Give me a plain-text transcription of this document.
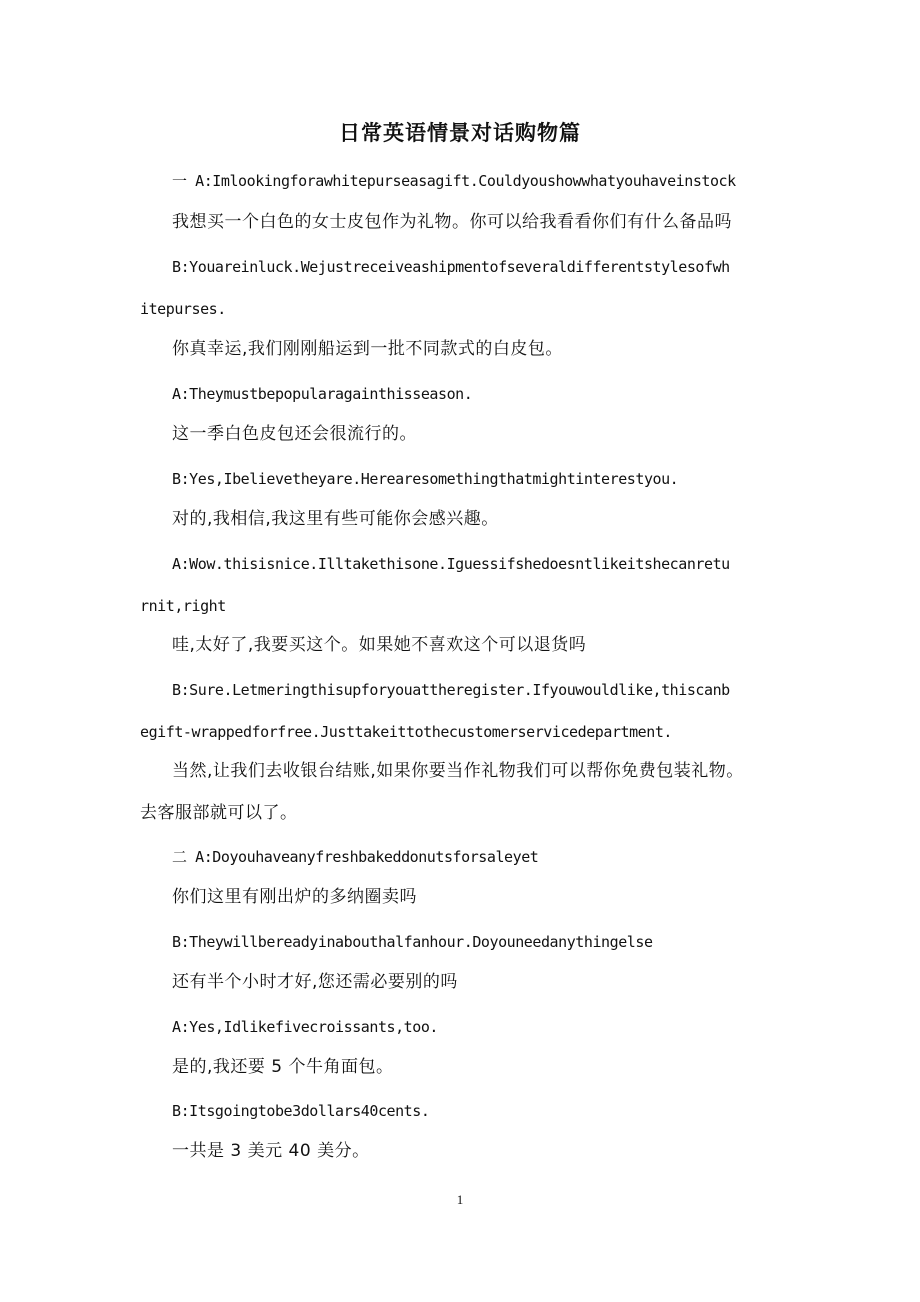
日常英语情景对话购物篇

一 A:Imlookingforawhitepurseasagift.Couldyoushowwhatyouhaveinstock

我想买一个白色的女士皮包作为礼物。你可以给我看看你们有什么备品吗

B:Youareinluck.Wejustreceiveashipmentofseveraldifferentstylesofwh

itepurses.

你真幸运,我们刚刚船运到一批不同款式的白皮包。

A:Theymustbepopularagainthisseason.

这一季白色皮包还会很流行的。

B:Yes,Ibelievetheyare.Herearesomethingthatmightinterestyou.

对的,我相信,我这里有些可能你会感兴趣。

A:Wow.thisisnice.Illtakethisone.Iguessifshedoesntlikeitshecanretu

rnit,right

哇,太好了,我要买这个。如果她不喜欢这个可以退货吗

B:Sure.Letmeringthisupforyouattheregister.Ifyouwouldlike,thiscanb

egift-wrappedforfree.Justtakeittothecustomerservicedepartment.

当然,让我们去收银台结账,如果你要当作礼物我们可以帮你免费包装礼物。

去客服部就可以了。

二 A:Doyouhaveanyfreshbakeddonutsforsaleyet

你们这里有刚出炉的多纳圈卖吗

B:Theywillbereadyinabouthalfanhour.Doyouneedanythingelse

还有半个小时才好,您还需必要别的吗

A:Yes,Idlikefivecroissants,too.

是的,我还要 5 个牛角面包。

B:Itsgoingtobe3dollars40cents.

一共是 3 美元 40 美分。

1
